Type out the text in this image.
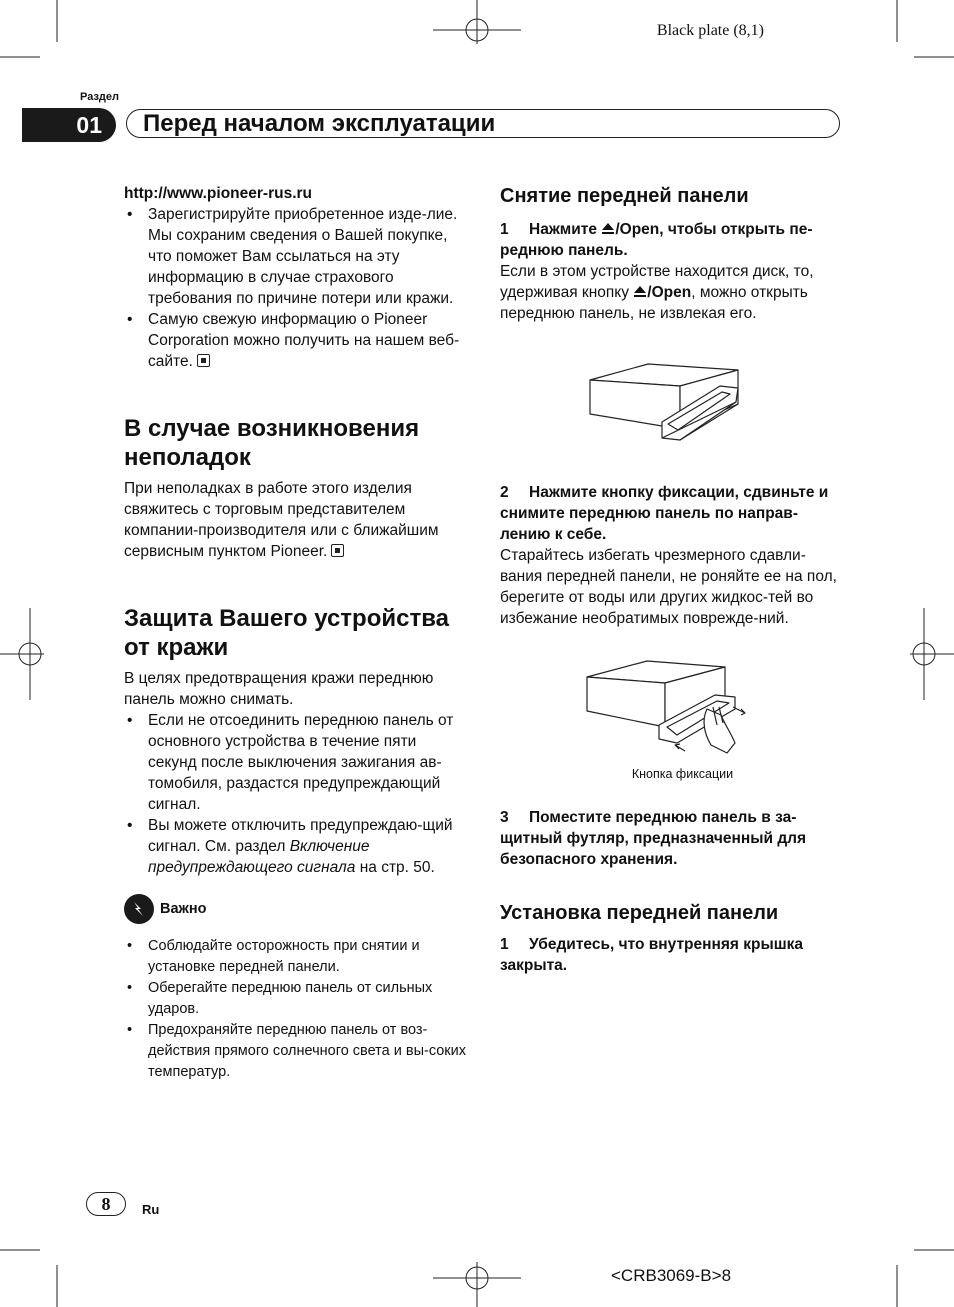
Black plate (8,1)
Раздел
01	Перед началом эксплуатации
http://www.pioneer-rus.ru
• Зарегистрируйте приобретенное изде-лие. Мы сохраним сведения о Вашей покупке, что поможет Вам ссылаться на эту информацию в случае страхового требования по причине потери или кражи.
• Самую свежую информацию о Pioneer Corporation можно получить на нашем веб-сайте.
В случае возникновения
неполадок

При неполадках в работе этого изделия свяжитесь с торговым представителем компании-производителя или с ближайшим сервисным пунктом Pioneer.

Защита Вашего устройства
от кражи

В целях предотвращения кражи переднюю панель можно снимать.

• Если не отсоединить переднюю панель от основного устройства в течение пяти секунд после выключения зажигания ав-томобиля, раздастся предупреждающий сигнал.
• Вы можете отключить предупреждаю-щий сигнал. См. раздел Включение предупреждающего сигнала на стр. 50.
Важно
• Соблюдайте осторожность при снятии и установке передней панели.
• Оберегайте переднюю панель от сильных ударов.
• Предохраняйте переднюю панель от воз-действия прямого солнечного света и вы-соких температур.
Снятие передней панели

1 Нажмите /Open, чтобы открыть пе-реднюю панель.

Если в этом устройстве находится диск, то, удерживая кнопку /Open, можно открыть переднюю панель, не извлекая его.

2 Нажмите кнопку фиксации, сдвиньте и снимите переднюю панель по направ-лению к себе.

Старайтесь избегать чрезмерного сдавли-вания передней панели, не роняйте ее на пол, берегите от воды или других жидкос-тей во избежание необратимых поврежде-ний.

Кнопка фиксации

3 Поместите переднюю панель в за-щитный футляр, предназначенный для безопасного хранения.

Установка передней панели

1 Убедитесь, что внутренняя крышка закрыта.

8	Ru
<CRB3069-B>8
